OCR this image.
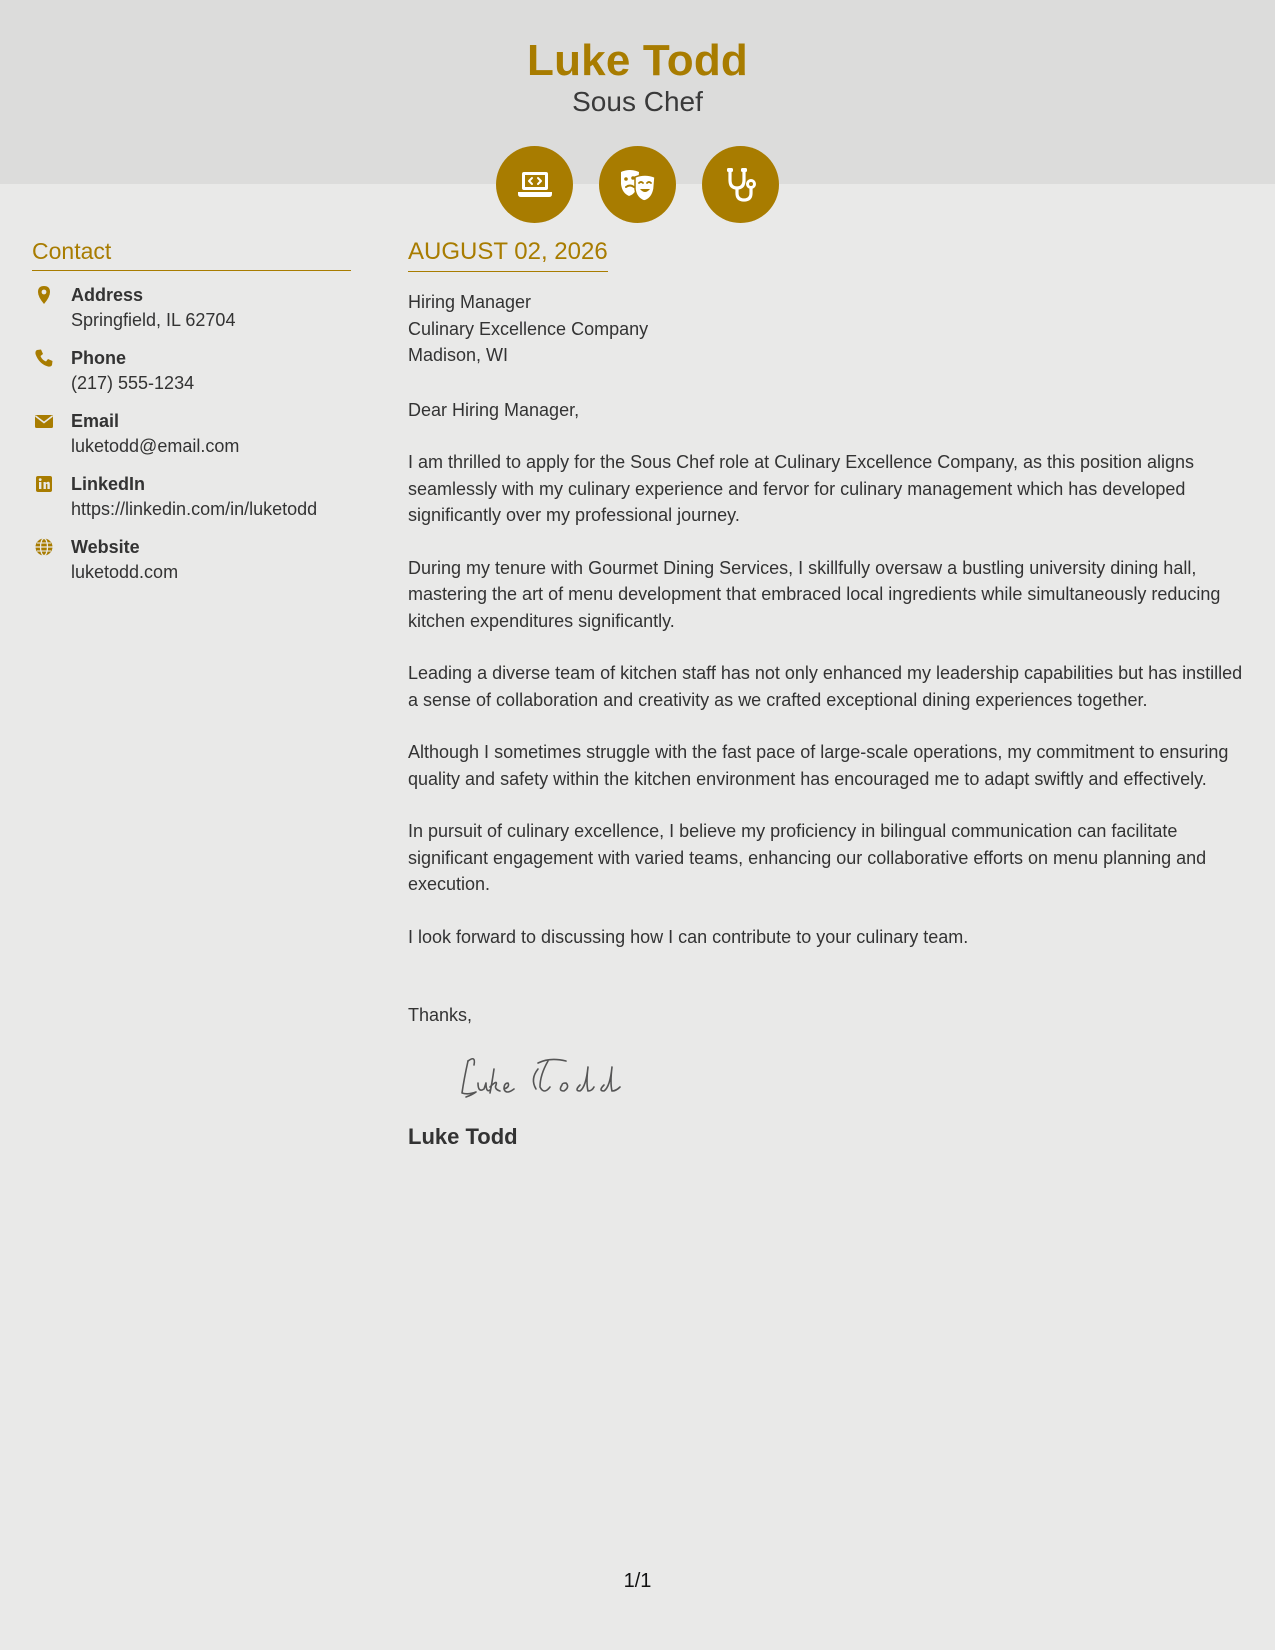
Luke Todd
Sous Chef
Contact
Address
Springfield, IL 62704
Phone
(217) 555-1234
Email
luketodd@email.com
LinkedIn
https://linkedin.com/in/luketodd
Website
luketodd.com
AUGUST 02, 2026
Hiring Manager
Culinary Excellence Company
Madison, WI
Dear Hiring Manager,
I am thrilled to apply for the Sous Chef role at Culinary Excellence Company, as this position aligns seamlessly with my culinary experience and fervor for culinary management which has developed significantly over my professional journey.
During my tenure with Gourmet Dining Services, I skillfully oversaw a bustling university dining hall, mastering the art of menu development that embraced local ingredients while simultaneously reducing kitchen expenditures significantly.
Leading a diverse team of kitchen staff has not only enhanced my leadership capabilities but has instilled a sense of collaboration and creativity as we crafted exceptional dining experiences together.
Although I sometimes struggle with the fast pace of large-scale operations, my commitment to ensuring quality and safety within the kitchen environment has encouraged me to adapt swiftly and effectively.
In pursuit of culinary excellence, I believe my proficiency in bilingual communication can facilitate significant engagement with varied teams, enhancing our collaborative efforts on menu planning and execution.
I look forward to discussing how I can contribute to your culinary team.
Thanks,
Luke Todd
1/1
